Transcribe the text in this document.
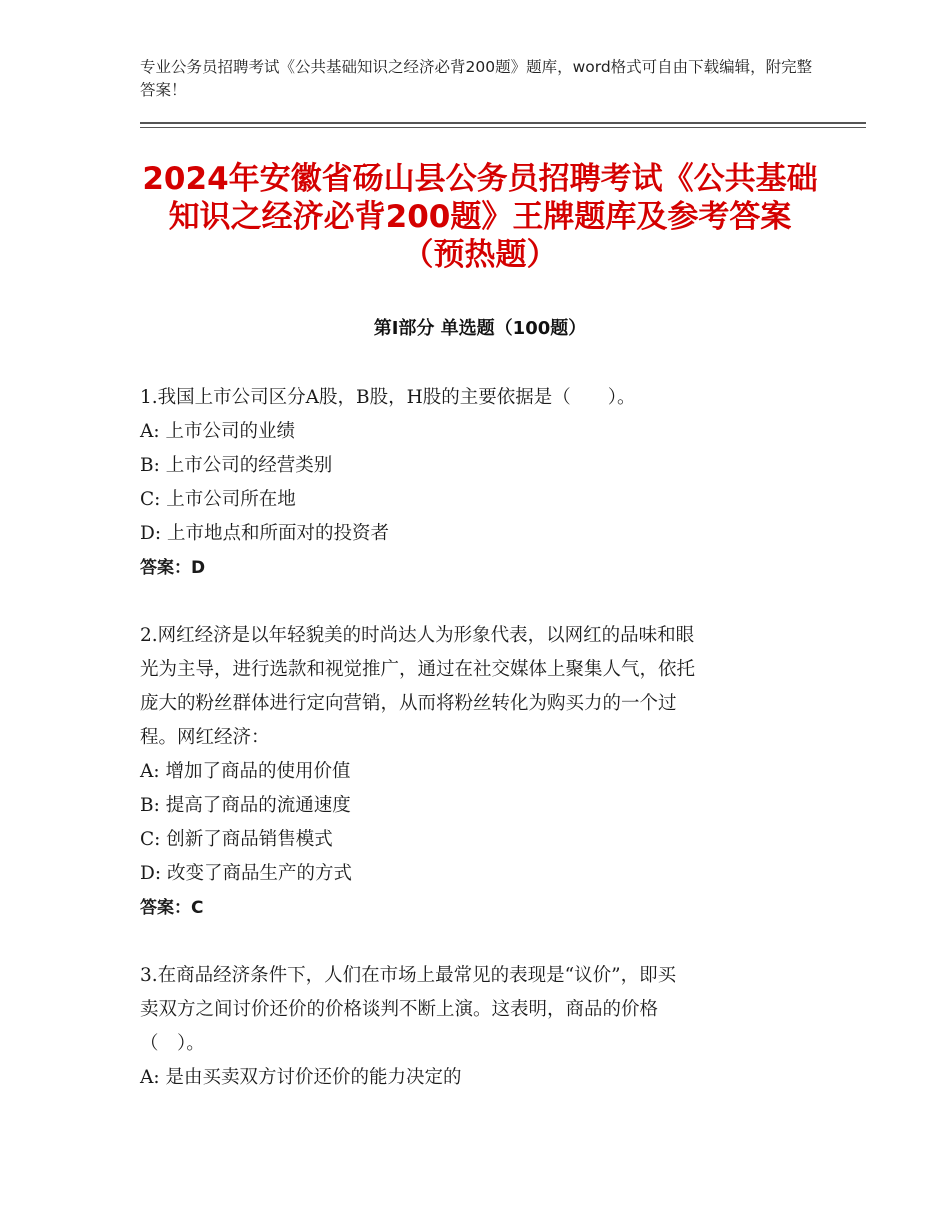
专业公务员招聘考试《公共基础知识之经济必背200题》题库，word格式可自由下载编辑，附完整答案！
2024年安徽省砀山县公务员招聘考试《公共基础知识之经济必背200题》王牌题库及参考答案（预热题）
第Ⅰ部分 单选题（100题）
1.我国上市公司区分A股，B股，H股的主要依据是（　　）。
A: 上市公司的业绩
B: 上市公司的经营类别
C: 上市公司所在地
D: 上市地点和所面对的投资者
答案：D
2.网红经济是以年轻貌美的时尚达人为形象代表，以网红的品味和眼
光为主导，进行选款和视觉推广，通过在社交媒体上聚集人气，依托
庞大的粉丝群体进行定向营销，从而将粉丝转化为购买力的一个过
程。网红经济：
A: 增加了商品的使用价值
B: 提高了商品的流通速度
C: 创新了商品销售模式
D: 改变了商品生产的方式
答案：C
3.在商品经济条件下，人们在市场上最常见的表现是“议价”，即买
卖双方之间讨价还价的价格谈判不断上演。这表明，商品的价格
（　）。
A: 是由买卖双方讨价还价的能力决定的
